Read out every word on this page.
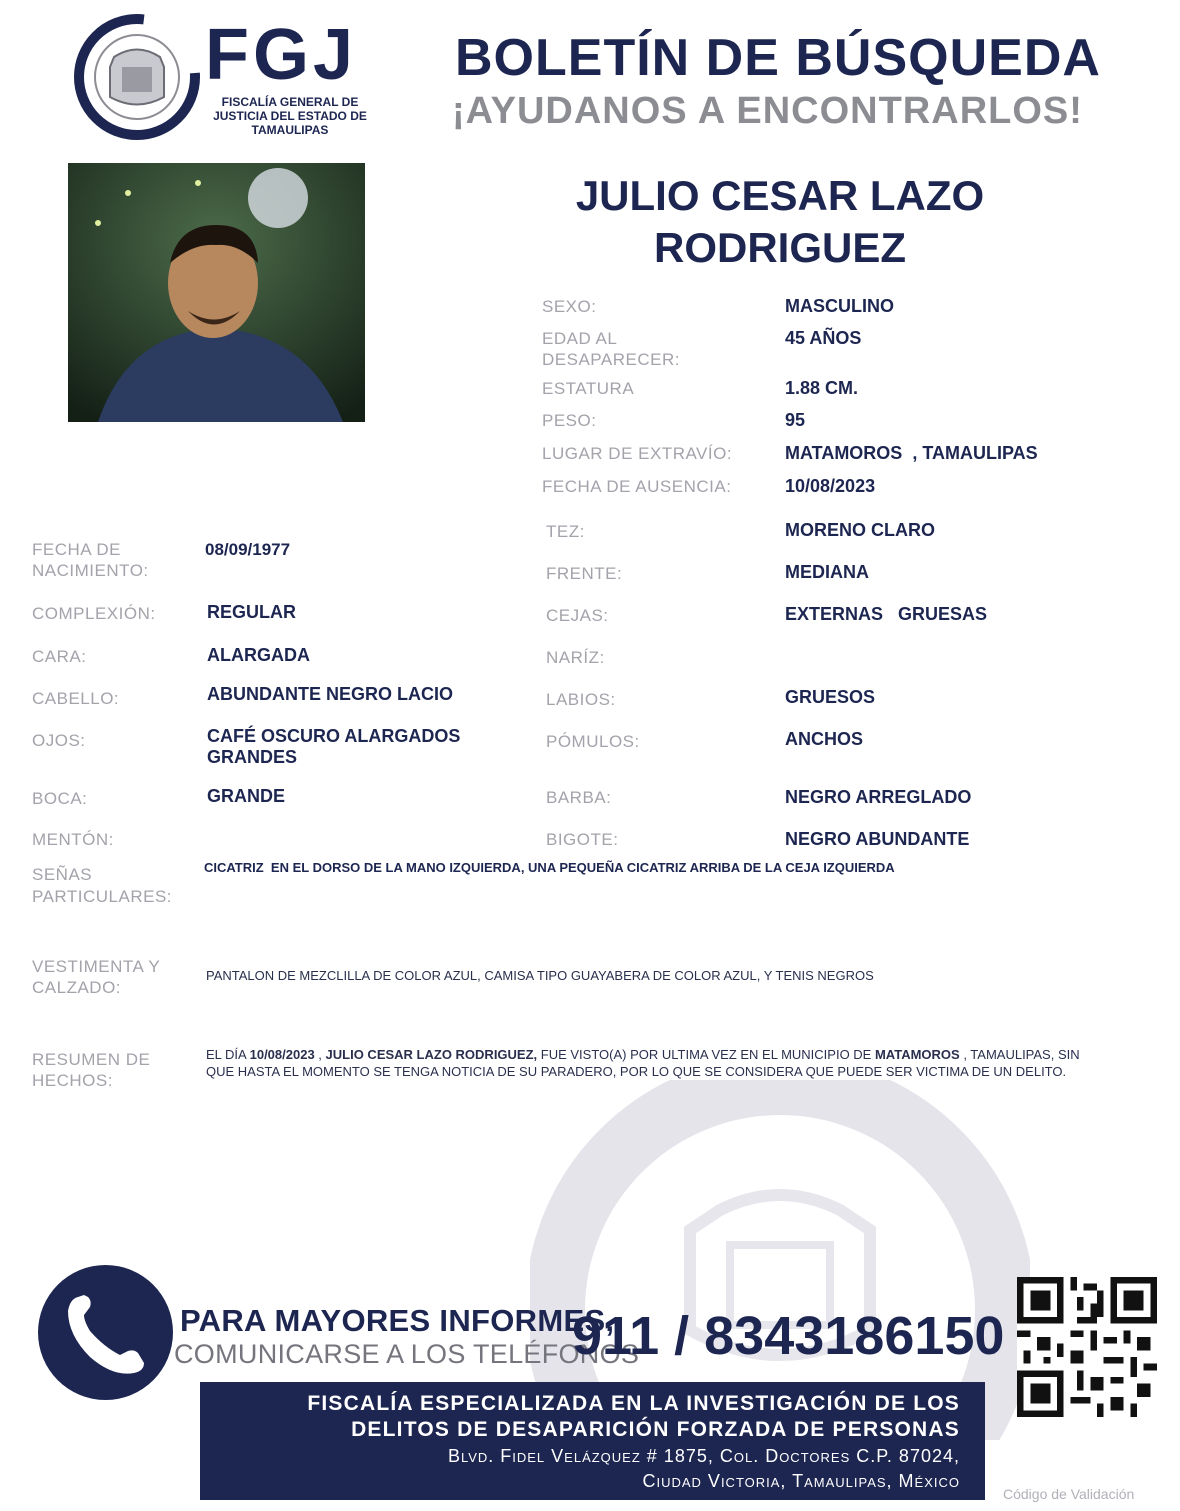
FGJ
FISCALÍA GENERAL DE JUSTICIA DEL ESTADO DE TAMAULIPAS
BOLETÍN DE BÚSQUEDA
¡AYUDANOS A ENCONTRARLOS!
JULIO CESAR LAZO
RODRIGUEZ
SEXO:	MASCULINO
EDAD AL
DESAPARECER:
45 AÑOS
ESTATURA	1.88 CM.
PESO:	95
LUGAR DE EXTRAVÍO:	MATAMOROS  , TAMAULIPAS
FECHA DE AUSENCIA:	10/08/2023
TEZ:	MORENO CLARO
FRENTE:	MEDIANA
CEJAS:	EXTERNAS   GRUESAS
NARÍZ:
LABIOS:	GRUESOS
PÓMULOS:	ANCHOS
BARBA:	NEGRO ARREGLADO
BIGOTE:	NEGRO ABUNDANTE
FECHA DE
NACIMIENTO:
08/09/1977
COMPLEXIÓN:	REGULAR
CARA:	ALARGADA
CABELLO:	ABUNDANTE NEGRO LACIO
OJOS:	CAFÉ OSCURO ALARGADOS
GRANDES
BOCA:	GRANDE
MENTÓN:
SEÑAS
PARTICULARES:
CICATRIZ  EN EL DORSO DE LA MANO IZQUIERDA, UNA PEQUEÑA CICATRIZ ARRIBA DE LA CEJA IZQUIERDA
VESTIMENTA Y
CALZADO:
PANTALON DE MEZCLILLA DE COLOR AZUL, CAMISA TIPO GUAYABERA DE COLOR AZUL, Y TENIS NEGROS
RESUMEN DE
HECHOS:
EL DÍA 10/08/2023 , JULIO CESAR LAZO RODRIGUEZ, FUE VISTO(A) POR ULTIMA VEZ EN EL MUNICIPIO DE MATAMOROS , TAMAULIPAS, SIN QUE HASTA EL MOMENTO SE TENGA NOTICIA DE SU PARADERO, POR LO QUE SE CONSIDERA QUE PUEDE SER VICTIMA DE UN DELITO.
PARA MAYORES INFORMES,
COMUNICARSE A LOS TELÉFONOS
911 / 8343186150
FISCALÍA ESPECIALIZADA EN LA INVESTIGACIÓN DE LOS
DELITOS DE DESAPARICIÓN FORZADA DE PERSONAS
Blvd. Fidel Velázquez # 1875, Col. Doctores C.P. 87024,
Ciudad Victoria, Tamaulipas, México
Código de Validación
